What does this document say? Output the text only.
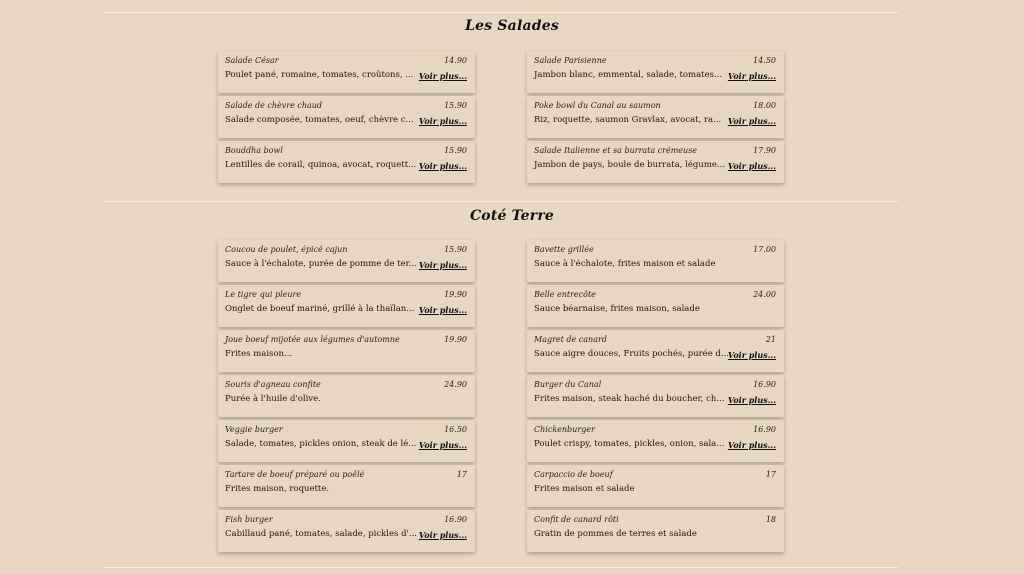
Les Salades
Salade César	14.90
Poulet pané, romaine, tomates, croûtons, ... Voir plus...
Salade de chèvre chaud	15.90
Salade composée, tomates, oeuf, chèvre c... Voir plus...
Bouddha bowl	15.90
Lentilles de corail, quinoa, avocat, roquett... Voir plus...
Salade Parisienne	14.50
Jambon blanc, emmental, salade, tomates... Voir plus...
Poke bowl du Canal au saumon	18.00
Riz, roquette, saumon Gravlax, avocat, ra... Voir plus...
Salade Italienne et sa burrata crémeuse	17.90
Jambon de pays, boule de burrata, légume... Voir plus...
Coté Terre
Coucou de poulet, épicé cajun	15.90
Sauce à l'échalote, purée de pomme de ter... Voir plus...
Le tigre qui pleure	19.90
Onglet de boeuf mariné, grillé à la thaïlan... Voir plus...
Joue boeuf mijotée aux légumes d'automne	19.90
Frites maison...
Souris d'agneau confite	24.90
Purée à l'huile d'olive.
Veggie burger	16.50
Salade, tomates, pickles onion, steak de lé... Voir plus...
Tartare de boeuf préparé ou poêlé	17
Frites maison, roquette.
Fish burger	16.90
Cabillaud pané, tomates, salade, pickles d'... Voir plus...
Bavette grillée	17.00
Sauce à l'échalote, frites maison et salade
Belle entrecôte	24.00
Sauce béarnaise, frites maison, salade
Magret de canard	21
Sauce aigre douces, Fruits pochés, purée d...
Voir plus...
Burger du Canal	16.90
Frites maison, steak haché du boucher, ch... Voir plus...
Chickenburger	16.90
Poulet crispy, tomates, pickles, onion, sala... Voir plus...
Carpaccio de boeuf	17
Frites maison et salade
Confit de canard rôti	18
Gratin de pommes de terres et salade
